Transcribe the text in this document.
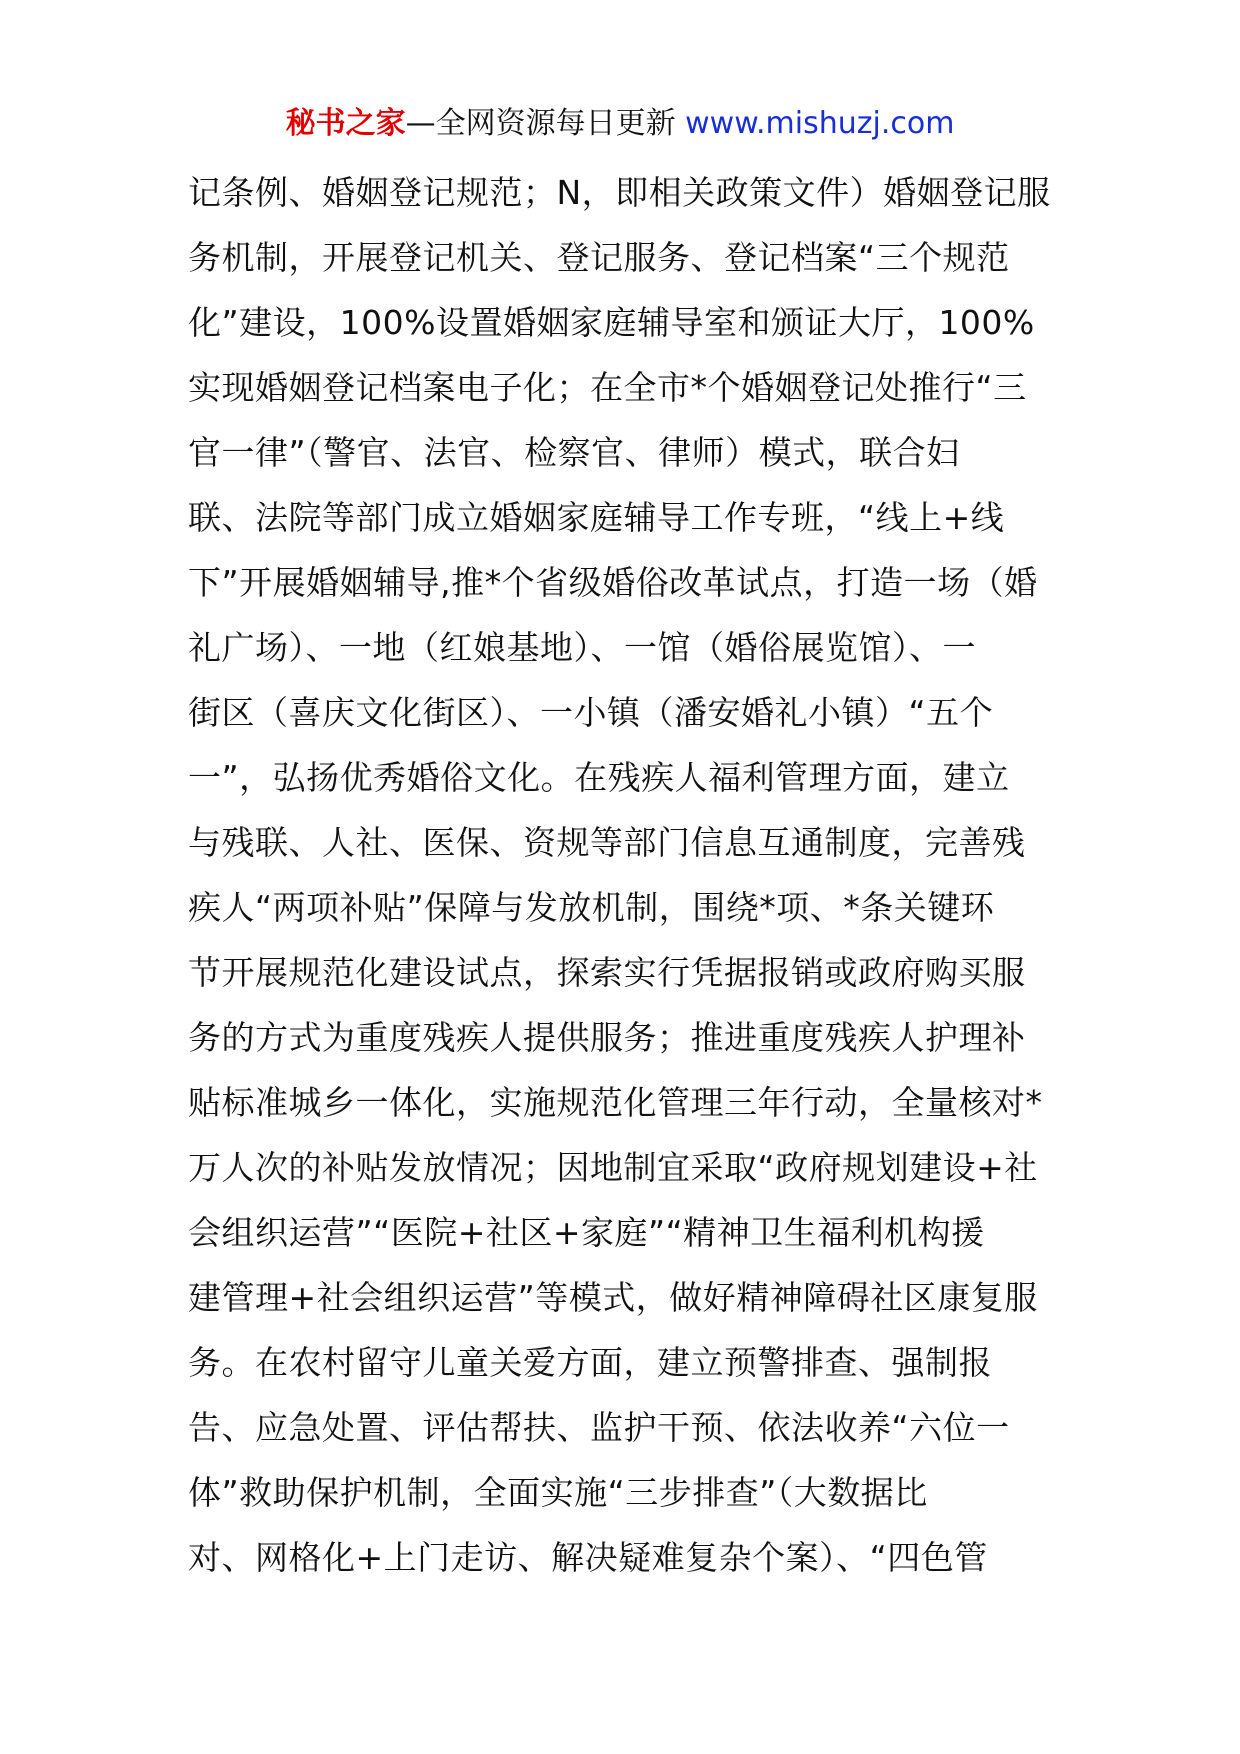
秘书之家—全网资源每日更新 www.mishuzj.com
记条例、婚姻登记规范；N，即相关政策文件）婚姻登记服
务机制，开展登记机关、登记服务、登记档案“三个规范
化”建设，100%设置婚姻家庭辅导室和颁证大厅，100%
实现婚姻登记档案电子化；在全市*个婚姻登记处推行“三
官一律”（警官、法官、检察官、律师）模式，联合妇
联、法院等部门成立婚姻家庭辅导工作专班，“线上+线
下”开展婚姻辅导,推*个省级婚俗改革试点，打造一场（婚
礼广场）、一地（红娘基地）、一馆（婚俗展览馆）、一
街区（喜庆文化街区）、一小镇（潘安婚礼小镇）“五个
一”，弘扬优秀婚俗文化。在残疾人福利管理方面，建立
与残联、人社、医保、资规等部门信息互通制度，完善残
疾人“两项补贴”保障与发放机制，围绕*项、*条关键环
节开展规范化建设试点，探索实行凭据报销或政府购买服
务的方式为重度残疾人提供服务；推进重度残疾人护理补
贴标准城乡一体化，实施规范化管理三年行动，全量核对*
万人次的补贴发放情况；因地制宜采取“政府规划建设+社
会组织运营”“医院+社区+家庭”“精神卫生福利机构援
建管理+社会组织运营”等模式，做好精神障碍社区康复服
务。在农村留守儿童关爱方面，建立预警排查、强制报
告、应急处置、评估帮扶、监护干预、依法收养“六位一
体”救助保护机制，全面实施“三步排查”（大数据比
对、网格化+上门走访、解决疑难复杂个案）、“四色管
